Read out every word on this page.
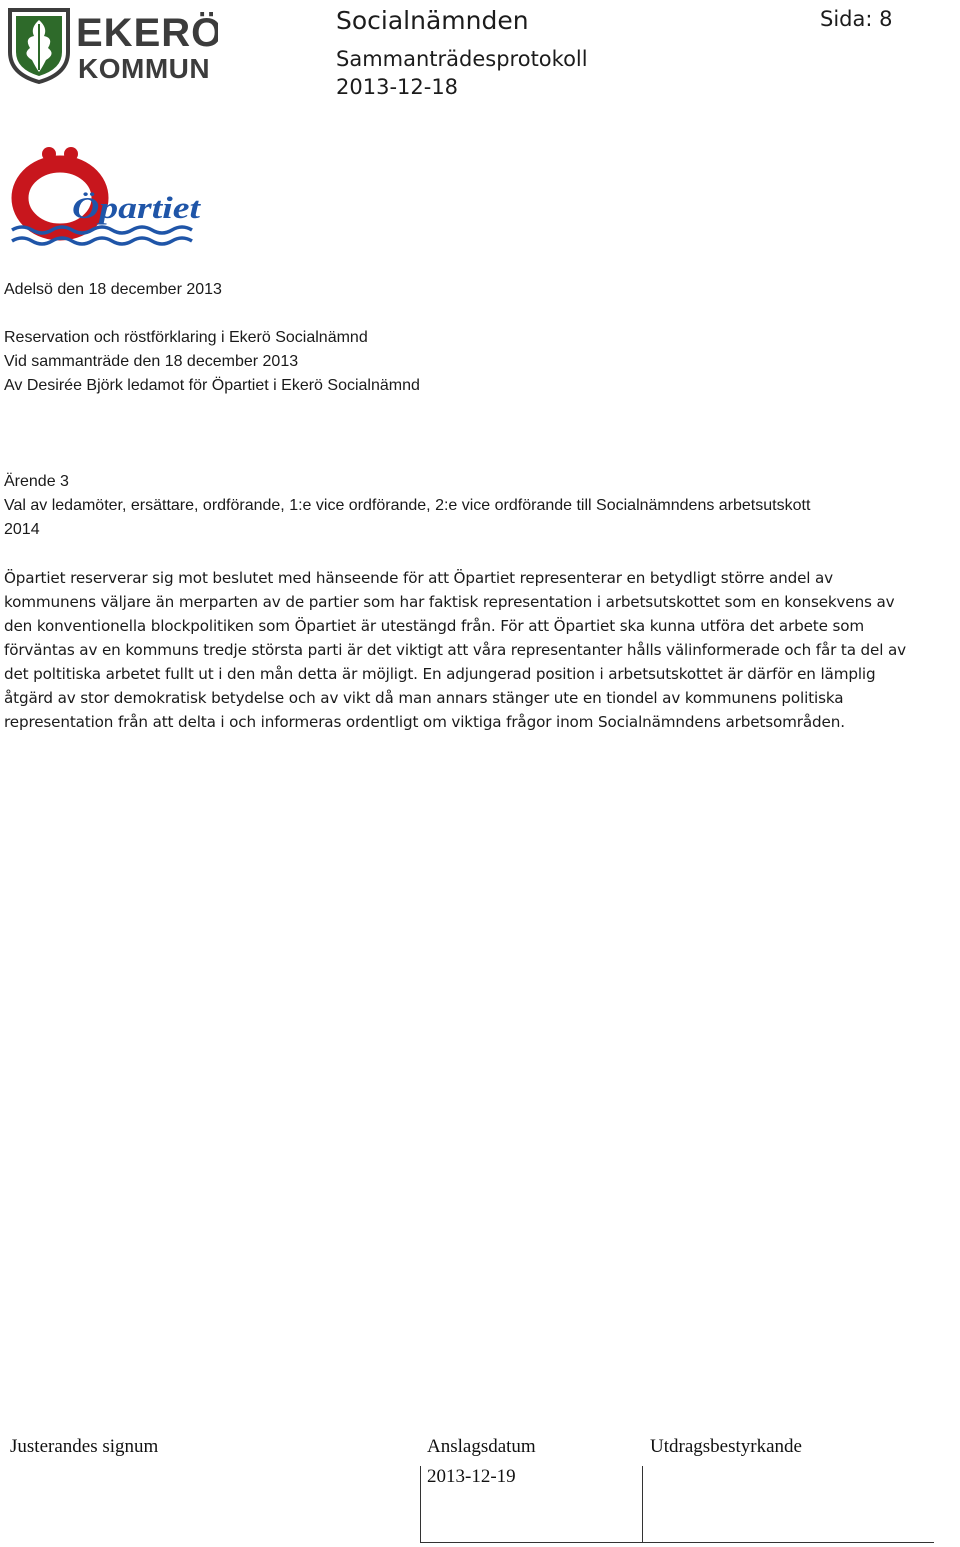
EKERÖ
KOMMUN
Socialnämnden
Sammanträdesprotokoll
2013-12-18
Sida: 8
Öpartiet
Adelsö den 18 december 2013
Reservation och röstförklaring i Ekerö Socialnämnd
Vid sammanträde den 18 december 2013
Av Desirée Björk ledamot för Öpartiet i Ekerö Socialnämnd
Ärende 3
Val av ledamöter, ersättare, ordförande, 1:e vice ordförande, 2:e vice ordförande till Socialnämndens arbetsutskott
2014
Öpartiet reserverar sig mot beslutet med hänseende för att Öpartiet representerar en betydligt större andel av
kommunens väljare än merparten av de partier som har faktisk representation i arbetsutskottet som en konsekvens av
den konventionella blockpolitiken som Öpartiet är utestängd från. För att Öpartiet ska kunna utföra det arbete som
förväntas av en kommuns tredje största parti är det viktigt att våra representanter hålls välinformerade och får ta del av
det poltitiska arbetet fullt ut i den mån detta är möjligt. En adjungerad position i arbetsutskottet är därför en lämplig
åtgärd av stor demokratisk betydelse och av vikt då man annars stänger ute en tiondel av kommunens politiska
representation från att delta i och informeras ordentligt om viktiga frågor inom Socialnämndens arbetsområden.
Justerandes signum	Anslagsdatum	Utdragsbestyrkande
2013-12-19
